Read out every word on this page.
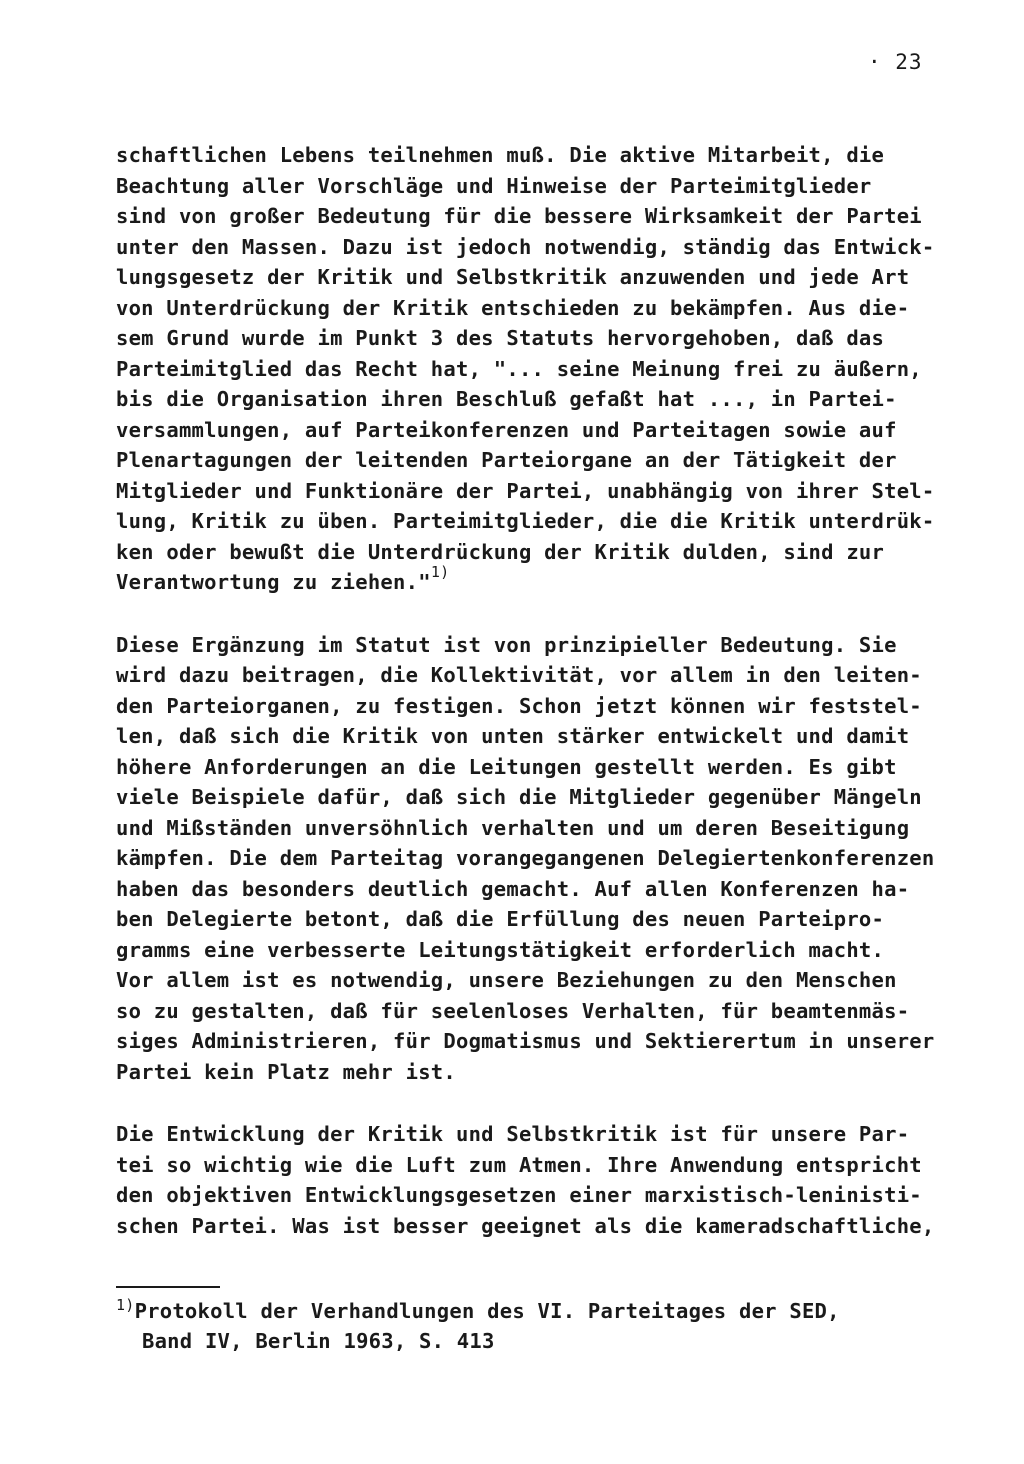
· 23
schaftlichen Lebens teilnehmen muß. Die aktive Mitarbeit, die
Beachtung aller Vorschläge und Hinweise der Parteimitglieder
sind von großer Bedeutung für die bessere Wirksamkeit der Partei
unter den Massen. Dazu ist jedoch notwendig, ständig das Entwick-
lungsgesetz der Kritik und Selbstkritik anzuwenden und jede Art
von Unterdrückung der Kritik entschieden zu bekämpfen. Aus die-
sem Grund wurde im Punkt 3 des Statuts hervorgehoben, daß das
Parteimitglied das Recht hat, "... seine Meinung frei zu äußern,
bis die Organisation ihren Beschluß gefaßt hat ..., in Partei-
versammlungen, auf Parteikonferenzen und Parteitagen sowie auf
Plenartagungen der leitenden Parteiorgane an der Tätigkeit der
Mitglieder und Funktionäre der Partei, unabhängig von ihrer Stel-
lung, Kritik zu üben. Parteimitglieder, die die Kritik unterdrük-
ken oder bewußt die Unterdrückung der Kritik dulden, sind zur
Verantwortung zu ziehen."$^{1)}$
Diese Ergänzung im Statut ist von prinzipieller Bedeutung. Sie
wird dazu beitragen, die Kollektivität, vor allem in den leiten-
den Parteiorganen, zu festigen. Schon jetzt können wir feststel-
len, daß sich die Kritik von unten stärker entwickelt und damit
höhere Anforderungen an die Leitungen gestellt werden. Es gibt
viele Beispiele dafür, daß sich die Mitglieder gegenüber Mängeln
und Mißständen unversöhnlich verhalten und um deren Beseitigung
kämpfen. Die dem Parteitag vorangegangenen Delegiertenkonferenzen
haben das besonders deutlich gemacht. Auf allen Konferenzen ha-
ben Delegierte betont, daß die Erfüllung des neuen Parteipro-
gramms eine verbesserte Leitungstätigkeit erforderlich macht.
Vor allem ist es notwendig, unsere Beziehungen zu den Menschen
so zu gestalten, daß für seelenloses Verhalten, für beamtenmäs-
siges Administrieren, für Dogmatismus und Sektierertum in unserer
Partei kein Platz mehr ist.
Die Entwicklung der Kritik und Selbstkritik ist für unsere Par-
tei so wichtig wie die Luft zum Atmen. Ihre Anwendung entspricht
den objektiven Entwicklungsgesetzen einer marxistisch-leninisti-
schen Partei. Was ist besser geeignet als die kameradschaftliche,
$^{1)}$Protokoll der Verhandlungen des VI. Parteitages der SED,
Band IV, Berlin 1963, S. 413
